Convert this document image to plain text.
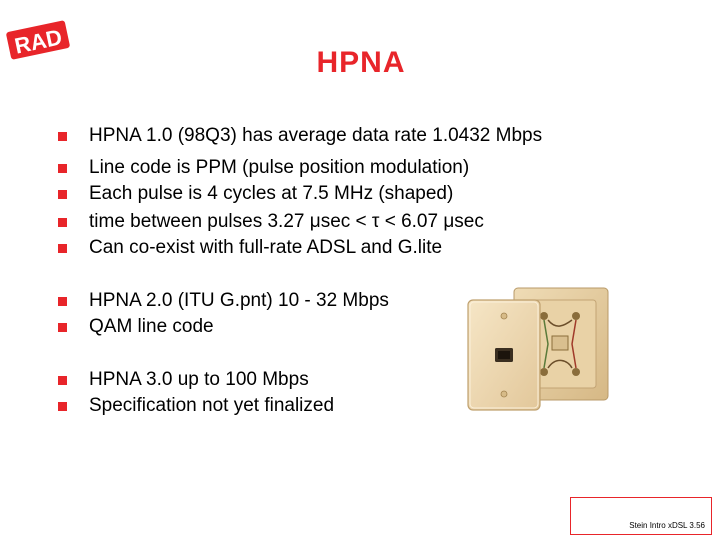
RAD
HPNA
HPNA 1.0 (98Q3) has average data rate 1.0432 Mbps
Line code is PPM (pulse position modulation)
Each pulse is 4 cycles at 7.5 MHz (shaped)
time between pulses 3.27 μsec < τ < 6.07 μsec
Can co-exist with full-rate ADSL and G.lite
HPNA 2.0 (ITU G.pnt) 10 - 32 Mbps
QAM line code
HPNA 3.0 up to 100 Mbps
Specification not yet finalized
Stein Intro xDSL 3.56
